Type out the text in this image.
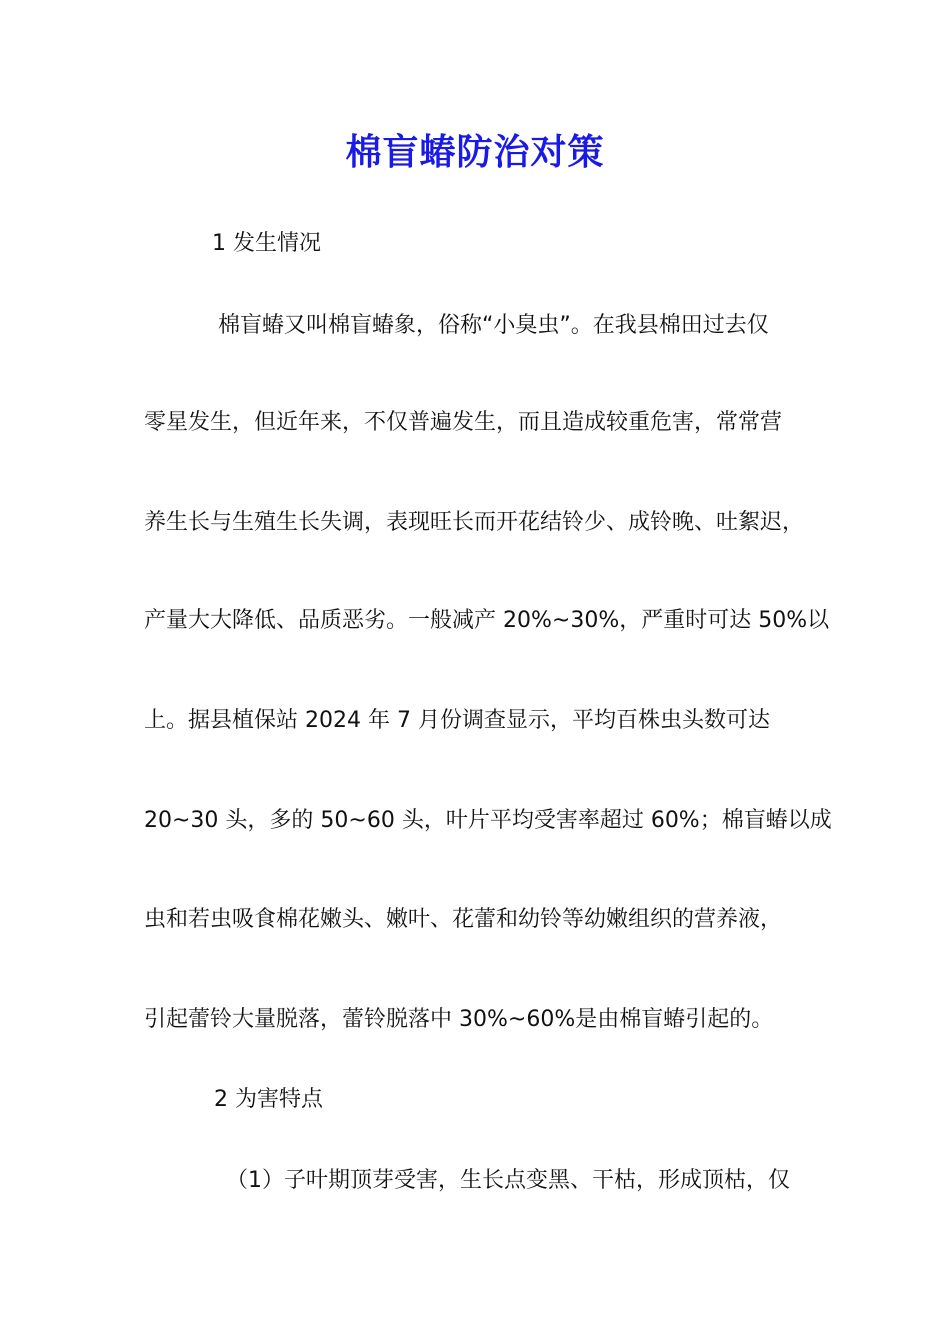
棉盲蝽防治对策

1 发生情况

棉盲蝽又叫棉盲蝽象，俗称“小臭虫”。在我县棉田过去仅

零星发生，但近年来，不仅普遍发生，而且造成较重危害，常常营

养生长与生殖生长失调，表现旺长而开花结铃少、成铃晚、吐絮迟，

产量大大降低、品质恶劣。一般减产 20%~30%，严重时可达 50%以

上。据县植保站 2024 年 7 月份调查显示，平均百株虫头数可达

20~30 头，多的 50~60 头，叶片平均受害率超过 60%；棉盲蝽以成

虫和若虫吸食棉花嫩头、嫩叶、花蕾和幼铃等幼嫩组织的营养液，

引起蕾铃大量脱落，蕾铃脱落中 30%~60%是由棉盲蝽引起的。

2 为害特点

（1）子叶期顶芽受害，生长点变黑、干枯，形成顶枯，仅
